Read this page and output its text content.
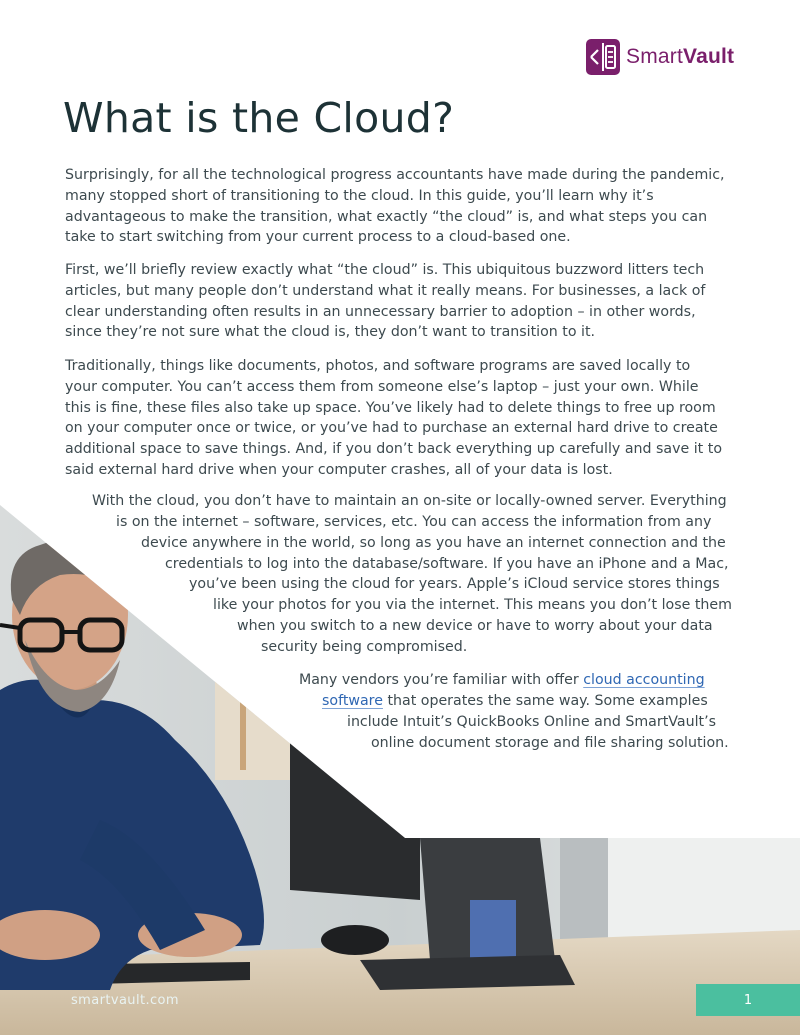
SmartVault
What is the Cloud?
Surprisingly, for all the technological progress accountants have made during the pandemic,
many stopped short of transitioning to the cloud. In this guide, you’ll learn why it’s
advantageous to make the transition, what exactly “the cloud” is, and what steps you can
take to start switching from your current process to a cloud-based one.
First, we’ll briefly review exactly what “the cloud” is. This ubiquitous buzzword litters tech
articles, but many people don’t understand what it really means. For businesses, a lack of
clear understanding often results in an unnecessary barrier to adoption – in other words,
since they’re not sure what the cloud is, they don’t want to transition to it.
Traditionally, things like documents, photos, and software programs are saved locally to
your computer. You can’t access them from someone else’s laptop – just your own. While
this is fine, these files also take up space. You’ve likely had to delete things to free up room
on your computer once or twice, or you’ve had to purchase an external hard drive to create
additional space to save things. And, if you don’t back everything up carefully and save it to
said external hard drive when your computer crashes, all of your data is lost.
With the cloud, you don’t have to maintain an on-site or locally-owned server. Everything
is on the internet – software, services, etc. You can access the information from any
device anywhere in the world, so long as you have an internet connection and the
credentials to log into the database/software. If you have an iPhone and a Mac,
you’ve been using the cloud for years. Apple’s iCloud service stores things
like your photos for you via the internet. This means you don’t lose them
when you switch to a new device or have to worry about your data
security being compromised.
Many vendors you’re familiar with offer cloud accounting
software that operates the same way. Some examples
include Intuit’s QuickBooks Online and SmartVault’s
online document storage and file sharing solution.
smartvault.com	1
